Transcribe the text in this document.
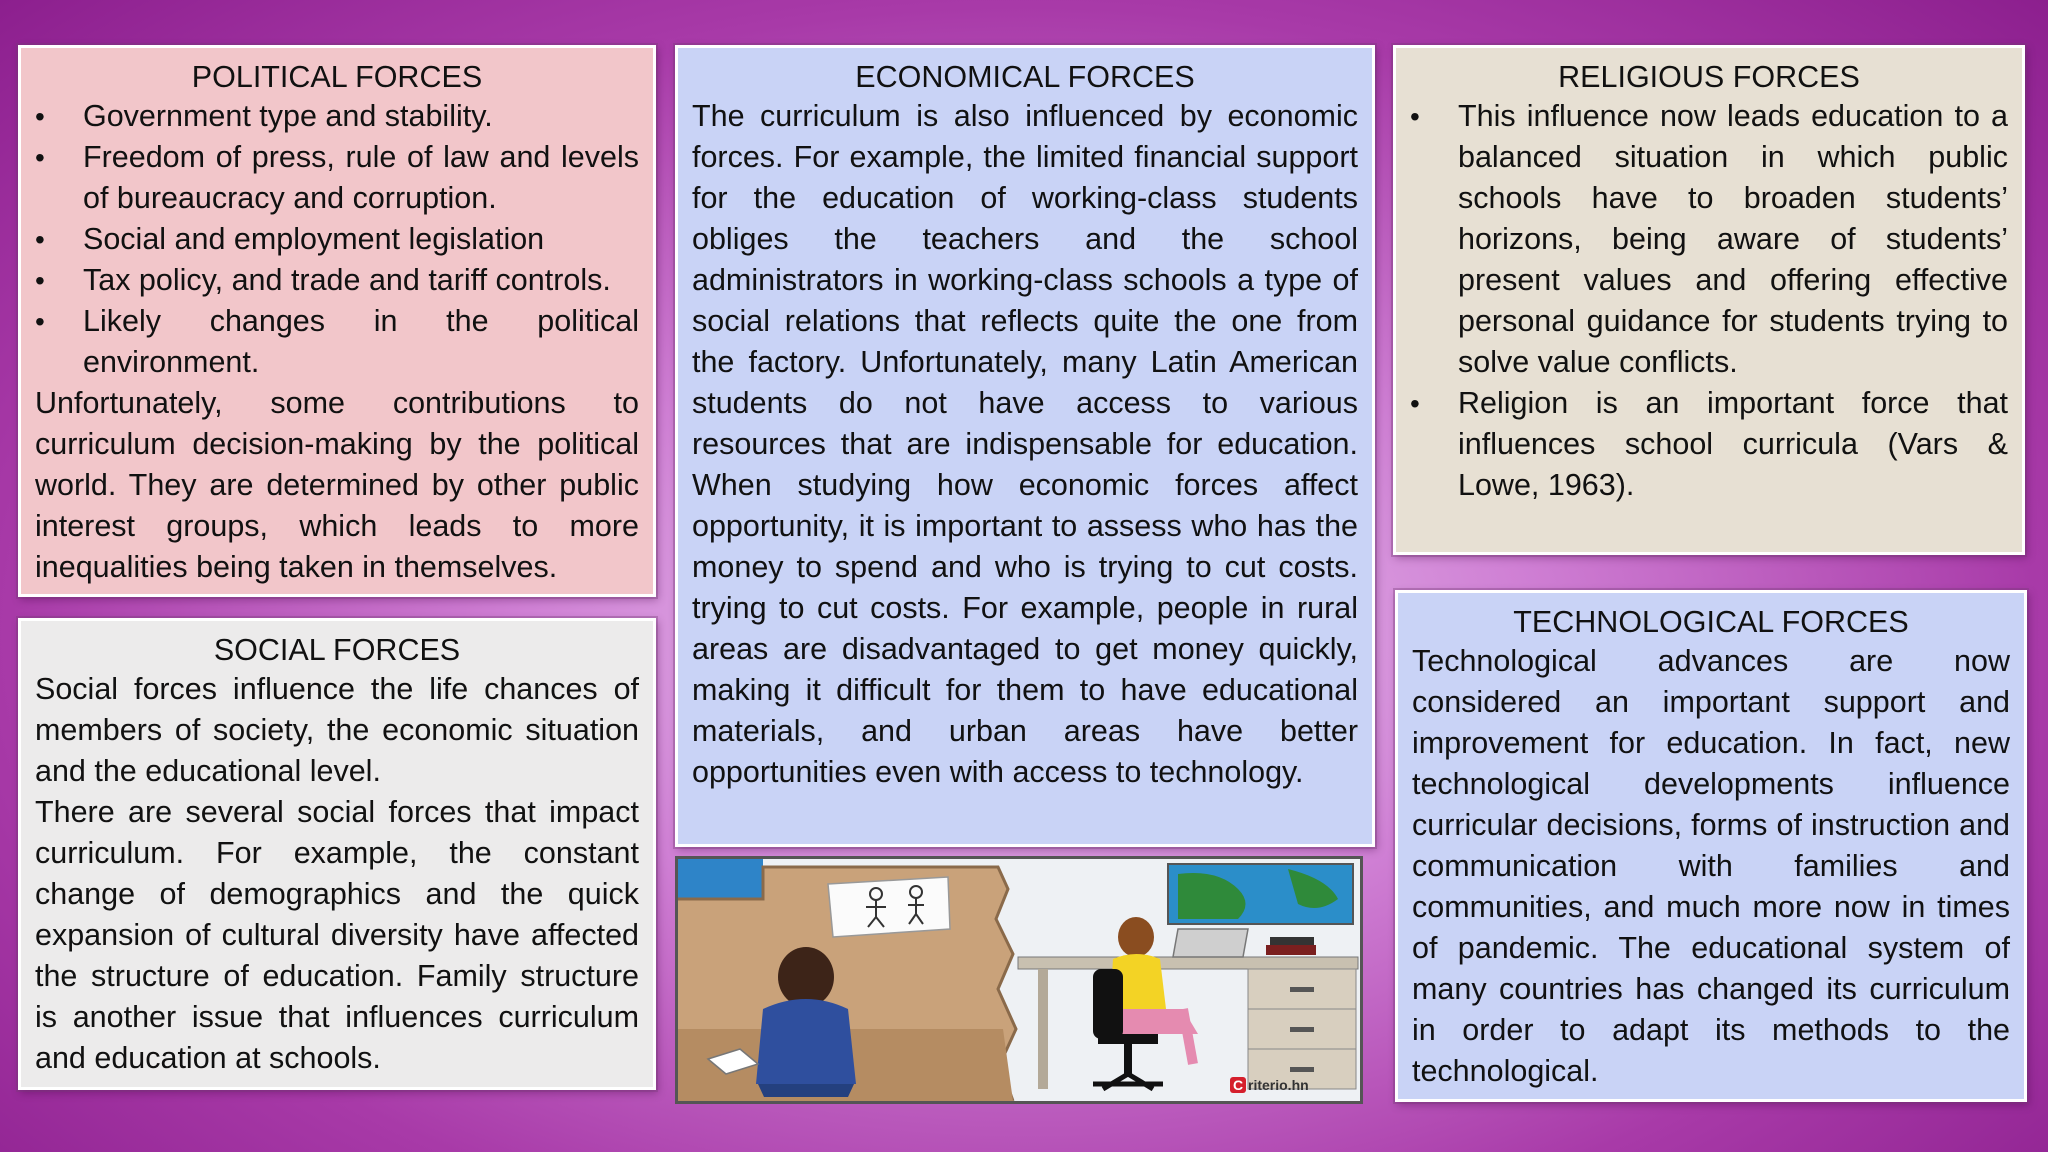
POLITICAL FORCES
• Government type and stability.
• Freedom of press, rule of law and levels of bureaucracy and corruption.
• Social and employment legislation
• Tax policy, and trade and tariff controls.
• Likely changes in the political environment.

Unfortunately, some contributions to curriculum decision-making by the political world. They are determined by other public interest groups, which leads to more inequalities being taken in themselves.

SOCIAL FORCES

Social forces influence the life chances of members of society, the economic situation and the educational level.

There are several social forces that impact curriculum. For example, the constant change of demographics and the quick expansion of cultural diversity have affected the structure of education. Family structure is another issue that influences curriculum and education at schools.

ECONOMICAL FORCES

The curriculum is also influenced by economic forces. For example, the limited financial support for the education of working-class students obliges the teachers and the school administrators in working-class schools a type of social relations that reflects quite the one from the factory. Unfortunately, many Latin American students do not have access to various resources that are indispensable for education. When studying how economic forces affect opportunity, it is important to assess who has the money to spend and who is trying to cut costs. trying to cut costs. For example, people in rural areas are disadvantaged to get money quickly, making it difficult for them to have educational materials, and urban areas have better opportunities even with access to technology.

C riterio.hn
RELIGIOUS FORCES
• This influence now leads education to a balanced situation in which public schools have to broaden students’ horizons, being aware of students’ present values and offering effective personal guidance for students trying to solve value conflicts.
• Religion is an important force that influences school curricula (Vars & Lowe, 1963).
TECHNOLOGICAL FORCES

Technological advances are now considered an important support and improvement for education. In fact, new technological developments influence curricular decisions, forms of instruction and communication with families and communities, and much more now in times of pandemic. The educational system of many countries has changed its curriculum in order to adapt its methods to the technological.
